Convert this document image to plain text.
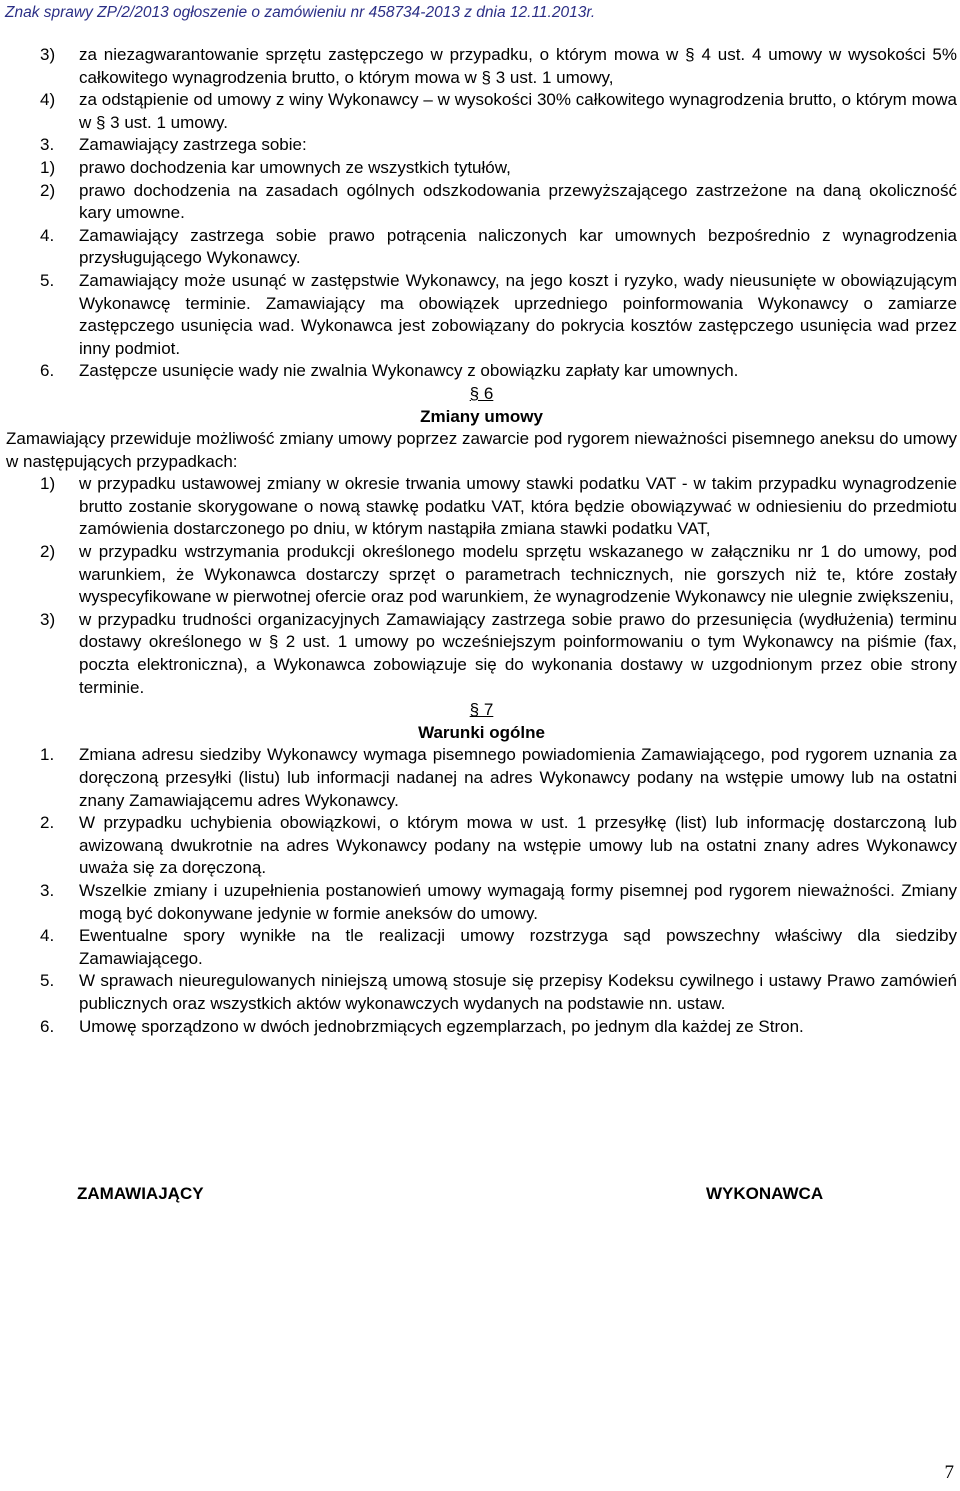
Znak sprawy ZP/2/2013 ogłoszenie o zamówieniu nr 458734-2013 z dnia 12.11.2013r.
3) za niezagwarantowanie sprzętu zastępczego w przypadku, o którym mowa w § 4 ust. 4 umowy w wysokości 5% całkowitego wynagrodzenia brutto, o którym mowa w § 3 ust. 1 umowy,
4) za odstąpienie od umowy z winy Wykonawcy – w wysokości 30% całkowitego wynagrodzenia brutto, o którym mowa w § 3 ust. 1 umowy.
3. Zamawiający zastrzega sobie:
1) prawo dochodzenia kar umownych ze wszystkich tytułów,
2) prawo dochodzenia na zasadach ogólnych odszkodowania przewyższającego zastrzeżone na daną okoliczność kary umowne.
4. Zamawiający zastrzega sobie prawo potrącenia naliczonych kar umownych bezpośrednio z wynagrodzenia przysługującego Wykonawcy.
5. Zamawiający może usunąć w zastępstwie Wykonawcy, na jego koszt i ryzyko, wady nieusunięte w obowiązującym Wykonawcę terminie. Zamawiający ma obowiązek uprzedniego poinformowania Wykonawcy o zamiarze zastępczego usunięcia wad. Wykonawca jest zobowiązany do pokrycia kosztów zastępczego usunięcia wad przez inny podmiot.
6. Zastępcze usunięcie wady nie zwalnia Wykonawcy z obowiązku zapłaty kar umownych.
§ 6
Zmiany umowy
Zamawiający przewiduje możliwość zmiany umowy poprzez zawarcie pod rygorem nieważności pisemnego aneksu do umowy w następujących przypadkach:
1) w przypadku ustawowej zmiany w okresie trwania umowy stawki podatku VAT - w takim przypadku wynagrodzenie brutto zostanie skorygowane o nową stawkę podatku VAT, która będzie obowiązywać w odniesieniu do przedmiotu zamówienia dostarczonego po dniu, w którym nastąpiła zmiana stawki podatku VAT,
2) w przypadku wstrzymania produkcji określonego modelu sprzętu wskazanego w załączniku nr 1 do umowy, pod warunkiem, że Wykonawca dostarczy sprzęt o parametrach technicznych, nie gorszych niż te, które zostały wyspecyfikowane w pierwotnej ofercie oraz pod warunkiem, że wynagrodzenie Wykonawcy nie ulegnie zwiększeniu,
3) w przypadku trudności organizacyjnych Zamawiający zastrzega sobie prawo do przesunięcia (wydłużenia) terminu dostawy określonego w § 2 ust. 1 umowy po wcześniejszym poinformowaniu o tym Wykonawcy na piśmie (fax, poczta elektroniczna), a Wykonawca zobowiązuje się do wykonania dostawy w uzgodnionym przez obie strony terminie.
§ 7
Warunki ogólne
1. Zmiana adresu siedziby Wykonawcy wymaga pisemnego powiadomienia Zamawiającego, pod rygorem uznania za doręczoną przesyłki (listu) lub informacji nadanej na adres Wykonawcy podany na wstępie umowy lub na ostatni znany Zamawiającemu adres Wykonawcy.
2. W przypadku uchybienia obowiązkowi, o którym mowa w ust. 1 przesyłkę (list) lub informację dostarczoną lub awizowaną dwukrotnie na adres Wykonawcy podany na wstępie umowy lub na ostatni znany adres Wykonawcy uważa się za doręczoną.
3. Wszelkie zmiany i uzupełnienia postanowień umowy wymagają formy pisemnej pod rygorem nieważności. Zmiany mogą być dokonywane jedynie w formie aneksów do umowy.
4. Ewentualne spory wynikłe na tle realizacji umowy rozstrzyga sąd powszechny właściwy dla siedziby Zamawiającego.
5. W sprawach nieuregulowanych niniejszą umową stosuje się przepisy Kodeksu cywilnego i ustawy Prawo zamówień publicznych oraz wszystkich aktów wykonawczych wydanych na podstawie nn. ustaw.
6. Umowę sporządzono w dwóch jednobrzmiących egzemplarzach, po jednym dla każdej ze Stron.
ZAMAWIAJĄCY	WYKONAWCA
7
